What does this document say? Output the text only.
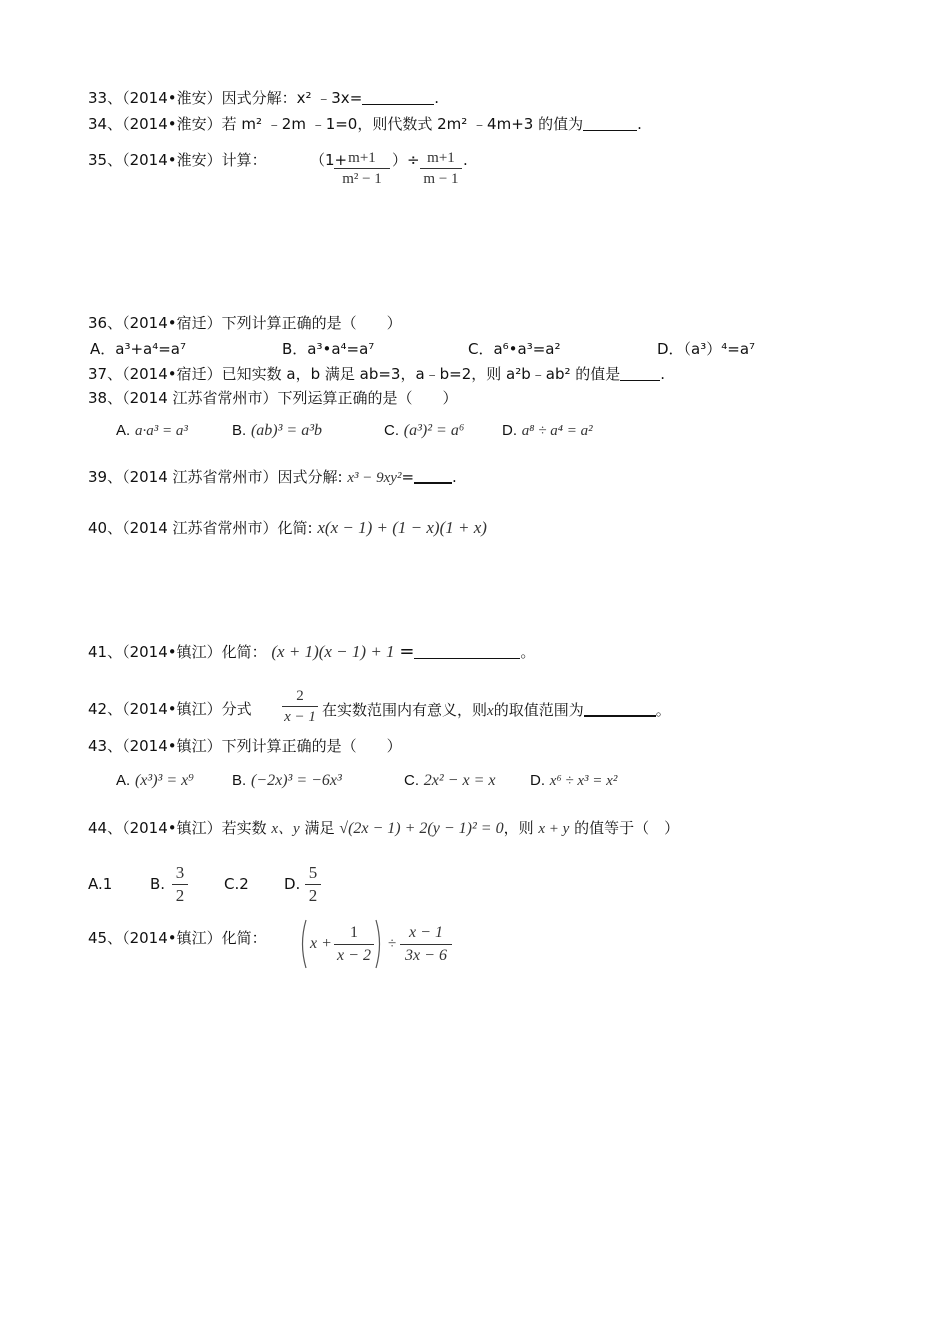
33、（2014•淮安）因式分解：x² ﹣3x=	.
34、（2014•淮安）若 m² ﹣2m ﹣1=0，则代数式 2m² ﹣4m+3 的值为	.
35、（2014•淮安）计算：	（1+
$\frac{m+1}{\text{m² − 1}}$ ）÷ $\frac{m+1}{m - 1}$ .
36、（2014•宿迁）下列计算正确的是（　　）
A．a³+a⁴=a⁷	B．a³•a⁴=a⁷	C．a⁶•a³=a²	D．（a³）⁴=a⁷
37、（2014•宿迁）已知实数 a，b 满足 ab=3，a﹣b=2，则 a²b﹣ab² 的值是	.
38、（2014 江苏省常州市）下列运算正确的是（　　）
A. a·a³ = a³	B. (ab)³ = a³b	C. (a³)² = a⁶	D. a⁸ ÷ a⁴ = a²
39、（2014 江苏省常州市）因式分解: x³ − 9xy²=	.
40、（2014 江苏省常州市）化简: x(x − 1) + (1 − x)(1 + x)
41、（2014•镇江）化简： (x + 1)(x − 1) + 1 =	。
42、（2014•镇江）分式 $\frac{2}{x - 1}$ 在实数范围内有意义，则x的取值范围为	。
43、（2014•镇江）下列计算正确的是（　　）
A. (x³)³ = x⁹	B. (−2x)³ = −6x³	C. 2x² − x = x D. x⁶ ÷ x³ = x²
44、（2014•镇江）若实数 x、y 满足 √(2x − 1) + 2(y − 1)² = 0，则 x + y 的值等于（　）
A.1	B. $\frac{3}{2} C.2$ D. $\frac{5}{2}$
45、（2014•镇江）化简：	$x + \frac{1}{x - 2} \div \frac{x - 1}{3x - 6}$
